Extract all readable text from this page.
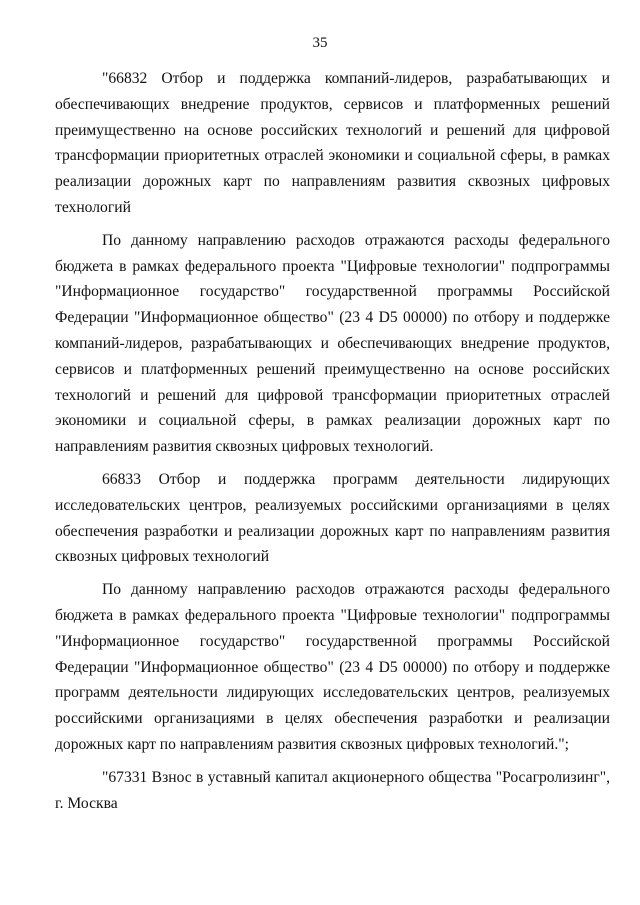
35

"66832 Отбор и поддержка компаний-лидеров, разрабатывающих и обеспечивающих внедрение продуктов, сервисов и платформенных решений преимущественно на основе российских технологий и решений для цифровой трансформации приоритетных отраслей экономики и социальной сферы, в рамках реализации дорожных карт по направлениям развития сквозных цифровых технологий

По данному направлению расходов отражаются расходы федерального бюджета в рамках федерального проекта "Цифровые технологии" подпрограммы "Информационное государство" государственной программы Российской Федерации "Информационное общество" (23 4 D5 00000) по отбору и поддержке компаний-лидеров, разрабатывающих и обеспечивающих внедрение продуктов, сервисов и платформенных решений преимущественно на основе российских технологий и решений для цифровой трансформации приоритетных отраслей экономики и социальной сферы, в рамках реализации дорожных карт по направлениям развития сквозных цифровых технологий.

66833 Отбор и поддержка программ деятельности лидирующих исследовательских центров, реализуемых российскими организациями в целях обеспечения разработки и реализации дорожных карт по направлениям развития сквозных цифровых технологий

По данному направлению расходов отражаются расходы федерального бюджета в рамках федерального проекта "Цифровые технологии" подпрограммы "Информационное государство" государственной программы Российской Федерации "Информационное общество" (23 4 D5 00000) по отбору и поддержке программ деятельности лидирующих исследовательских центров, реализуемых российскими организациями в целях обеспечения разработки и реализации дорожных карт по направлениям развития сквозных цифровых технологий.";

"67331 Взнос в уставный капитал акционерного общества "Росагролизинг", г. Москва
